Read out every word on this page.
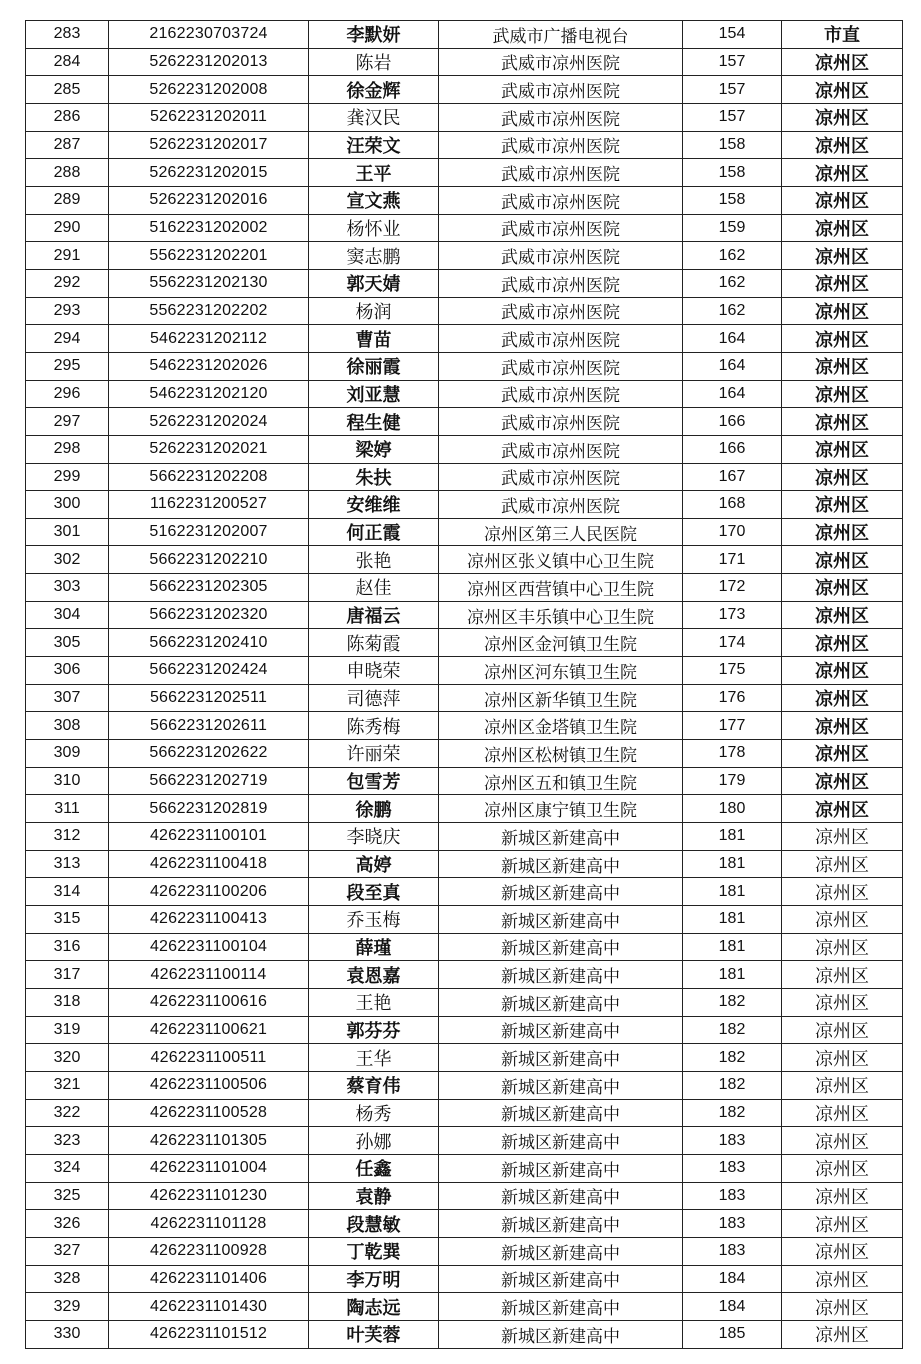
283	2162230703724	李默妍	武威市广播电视台	154	市直
284	5262231202013	陈岩	武威市凉州医院	157	凉州区
285	5262231202008	徐金辉	武威市凉州医院	157	凉州区
286	5262231202011	龚汉民	武威市凉州医院	157	凉州区
287	5262231202017	汪荣文	武威市凉州医院	158	凉州区
288	5262231202015	王平	武威市凉州医院	158	凉州区
289	5262231202016	宣文燕	武威市凉州医院	158	凉州区
290	5162231202002	杨怀业	武威市凉州医院	159	凉州区
291	5562231202201	窦志鹏	武威市凉州医院	162	凉州区
292	5562231202130	郭天婧	武威市凉州医院	162	凉州区
293	5562231202202	杨润	武威市凉州医院	162	凉州区
294	5462231202112	曹苗	武威市凉州医院	164	凉州区
295	5462231202026	徐丽霞	武威市凉州医院	164	凉州区
296	5462231202120	刘亚慧	武威市凉州医院	164	凉州区
297	5262231202024	程生健	武威市凉州医院	166	凉州区
298	5262231202021	梁婷	武威市凉州医院	166	凉州区
299	5662231202208	朱扶	武威市凉州医院	167	凉州区
300	1162231200527	安维维	武威市凉州医院	168	凉州区
301	5162231202007	何正霞	凉州区第三人民医院	170	凉州区
302	5662231202210	张艳	凉州区张义镇中心卫生院	171	凉州区
303	5662231202305	赵佳	凉州区西营镇中心卫生院	172	凉州区
304	5662231202320	唐福云	凉州区丰乐镇中心卫生院	173	凉州区
305	5662231202410	陈菊霞	凉州区金河镇卫生院	174	凉州区
306	5662231202424	申晓荣	凉州区河东镇卫生院	175	凉州区
307	5662231202511	司德萍	凉州区新华镇卫生院	176	凉州区
308	5662231202611	陈秀梅	凉州区金塔镇卫生院	177	凉州区
309	5662231202622	许丽荣	凉州区松树镇卫生院	178	凉州区
310	5662231202719	包雪芳	凉州区五和镇卫生院	179	凉州区
311	5662231202819	徐鹏	凉州区康宁镇卫生院	180	凉州区
312	4262231100101	李晓庆	新城区新建高中	181	凉州区
313	4262231100418	高婷	新城区新建高中	181	凉州区
314	4262231100206	段至真	新城区新建高中	181	凉州区
315	4262231100413	乔玉梅	新城区新建高中	181	凉州区
316	4262231100104	薛瑾	新城区新建高中	181	凉州区
317	4262231100114	袁恩嘉	新城区新建高中	181	凉州区
318	4262231100616	王艳	新城区新建高中	182	凉州区
319	4262231100621	郭芬芬	新城区新建高中	182	凉州区
320	4262231100511	王华	新城区新建高中	182	凉州区
321	4262231100506	蔡育伟	新城区新建高中	182	凉州区
322	4262231100528	杨秀	新城区新建高中	182	凉州区
323	4262231101305	孙娜	新城区新建高中	183	凉州区
324	4262231101004	任鑫	新城区新建高中	183	凉州区
325	4262231101230	袁静	新城区新建高中	183	凉州区
326	4262231101128	段慧敏	新城区新建高中	183	凉州区
327	4262231100928	丁乾巽	新城区新建高中	183	凉州区
328	4262231101406	李万明	新城区新建高中	184	凉州区
329	4262231101430	陶志远	新城区新建高中	184	凉州区
330	4262231101512	叶芙蓉	新城区新建高中	185	凉州区
